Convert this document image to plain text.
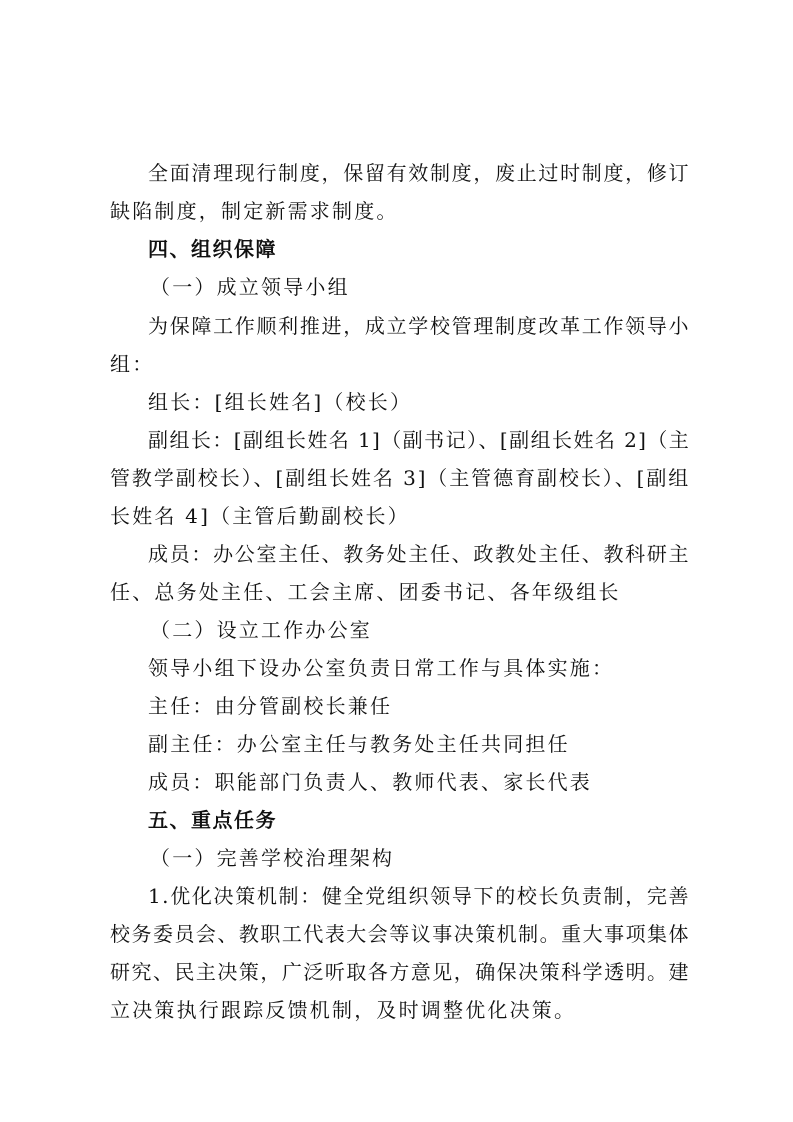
全面清理现行制度，保留有效制度，废止过时制度，修订
缺陷制度，制定新需求制度。
四、组织保障
（一）成立领导小组
为保障工作顺利推进，成立学校管理制度改革工作领导小
组：
组长：[组长姓名]（校长）
副组长：[副组长姓名 1]（副书记）、[副组长姓名 2]（主
管教学副校长）、[副组长姓名 3]（主管德育副校长）、[副组
长姓名 4]（主管后勤副校长）
成员：办公室主任、教务处主任、政教处主任、教科研主
任、总务处主任、工会主席、团委书记、各年级组长
（二）设立工作办公室
领导小组下设办公室负责日常工作与具体实施：
主任：由分管副校长兼任
副主任：办公室主任与教务处主任共同担任
成员：职能部门负责人、教师代表、家长代表
五、重点任务
（一）完善学校治理架构
1.优化决策机制：健全党组织领导下的校长负责制，完善
校务委员会、教职工代表大会等议事决策机制。重大事项集体
研究、民主决策，广泛听取各方意见，确保决策科学透明。建
立决策执行跟踪反馈机制，及时调整优化决策。
